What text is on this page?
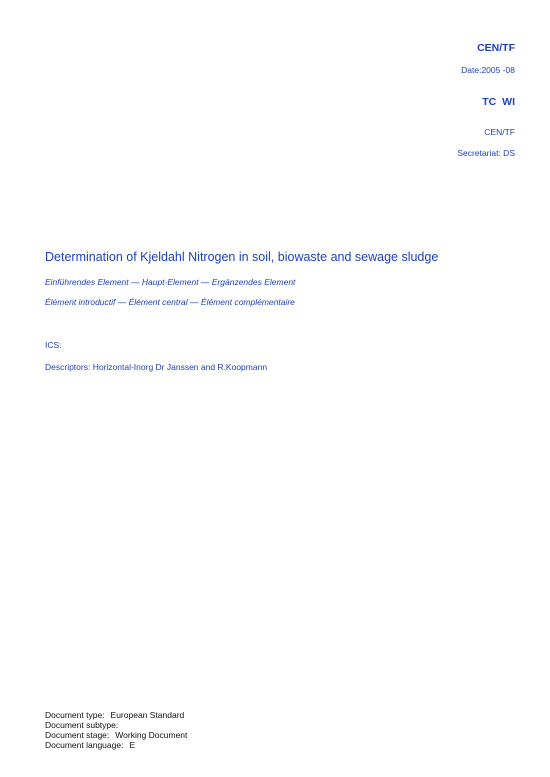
CEN/TF
Date:2005 -08
TC WI
CEN/TF
Secretariat: DS
Determination of Kjeldahl Nitrogen in soil, biowaste and sewage sludge
Einführendes Element — Haupt-Element — Ergänzendes Element
Élément introductif — Élément central — Élément complémentaire
ICS:
Descriptors: Horizontal-Inorg Dr Janssen and R.Koopmann
Document type: European Standard
Document subtype:
Document stage: Working Document
Document language: E
